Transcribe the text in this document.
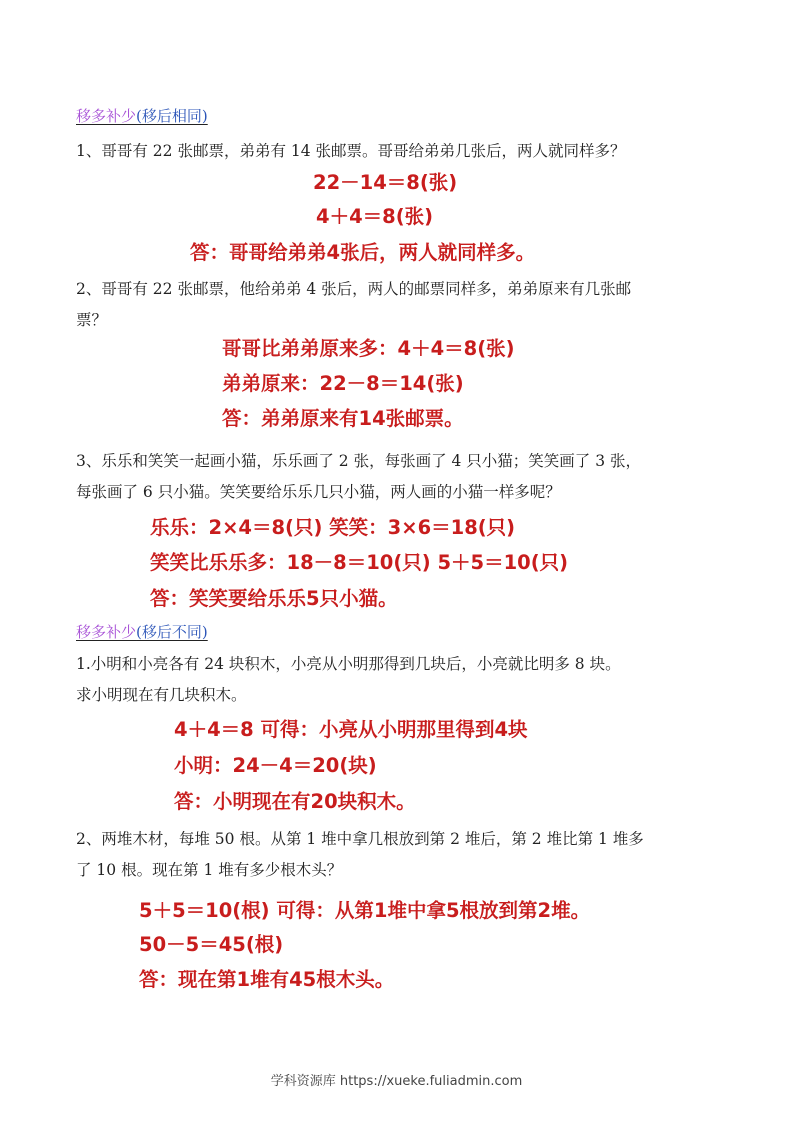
移多补少(移后相同)
1、哥哥有 22 张邮票，弟弟有 14 张邮票。哥哥给弟弟几张后，两人就同样多？
22－14＝8(张)
4＋4＝8(张)
答：哥哥给弟弟4张后，两人就同样多。
2、哥哥有 22 张邮票，他给弟弟 4 张后，两人的邮票同样多，弟弟原来有几张邮
票？
哥哥比弟弟原来多：4＋4＝8(张)
弟弟原来：22－8＝14(张)
答：弟弟原来有14张邮票。
3、乐乐和笑笑一起画小猫，乐乐画了 2 张，每张画了 4 只小猫；笑笑画了 3 张，
每张画了 6 只小猫。笑笑要给乐乐几只小猫，两人画的小猫一样多呢？
乐乐：2×4＝8(只) 笑笑：3×6＝18(只)
笑笑比乐乐多：18－8＝10(只) 5＋5＝10(只)
答：笑笑要给乐乐5只小猫。
移多补少(移后不同)
1.小明和小亮各有 24 块积木，小亮从小明那得到几块后，小亮就比明多 8 块。
求小明现在有几块积木。
4＋4＝8 可得：小亮从小明那里得到4块
小明：24－4＝20(块)
答：小明现在有20块积木。
2、两堆木材，每堆 50 根。从第 1 堆中拿几根放到第 2 堆后，第 2 堆比第 1 堆多
了 10 根。现在第 1 堆有多少根木头？
5＋5＝10(根) 可得：从第1堆中拿5根放到第2堆。
50－5＝45(根)
答：现在第1堆有45根木头。
学科资源库 https://xueke.fuliadmin.com
